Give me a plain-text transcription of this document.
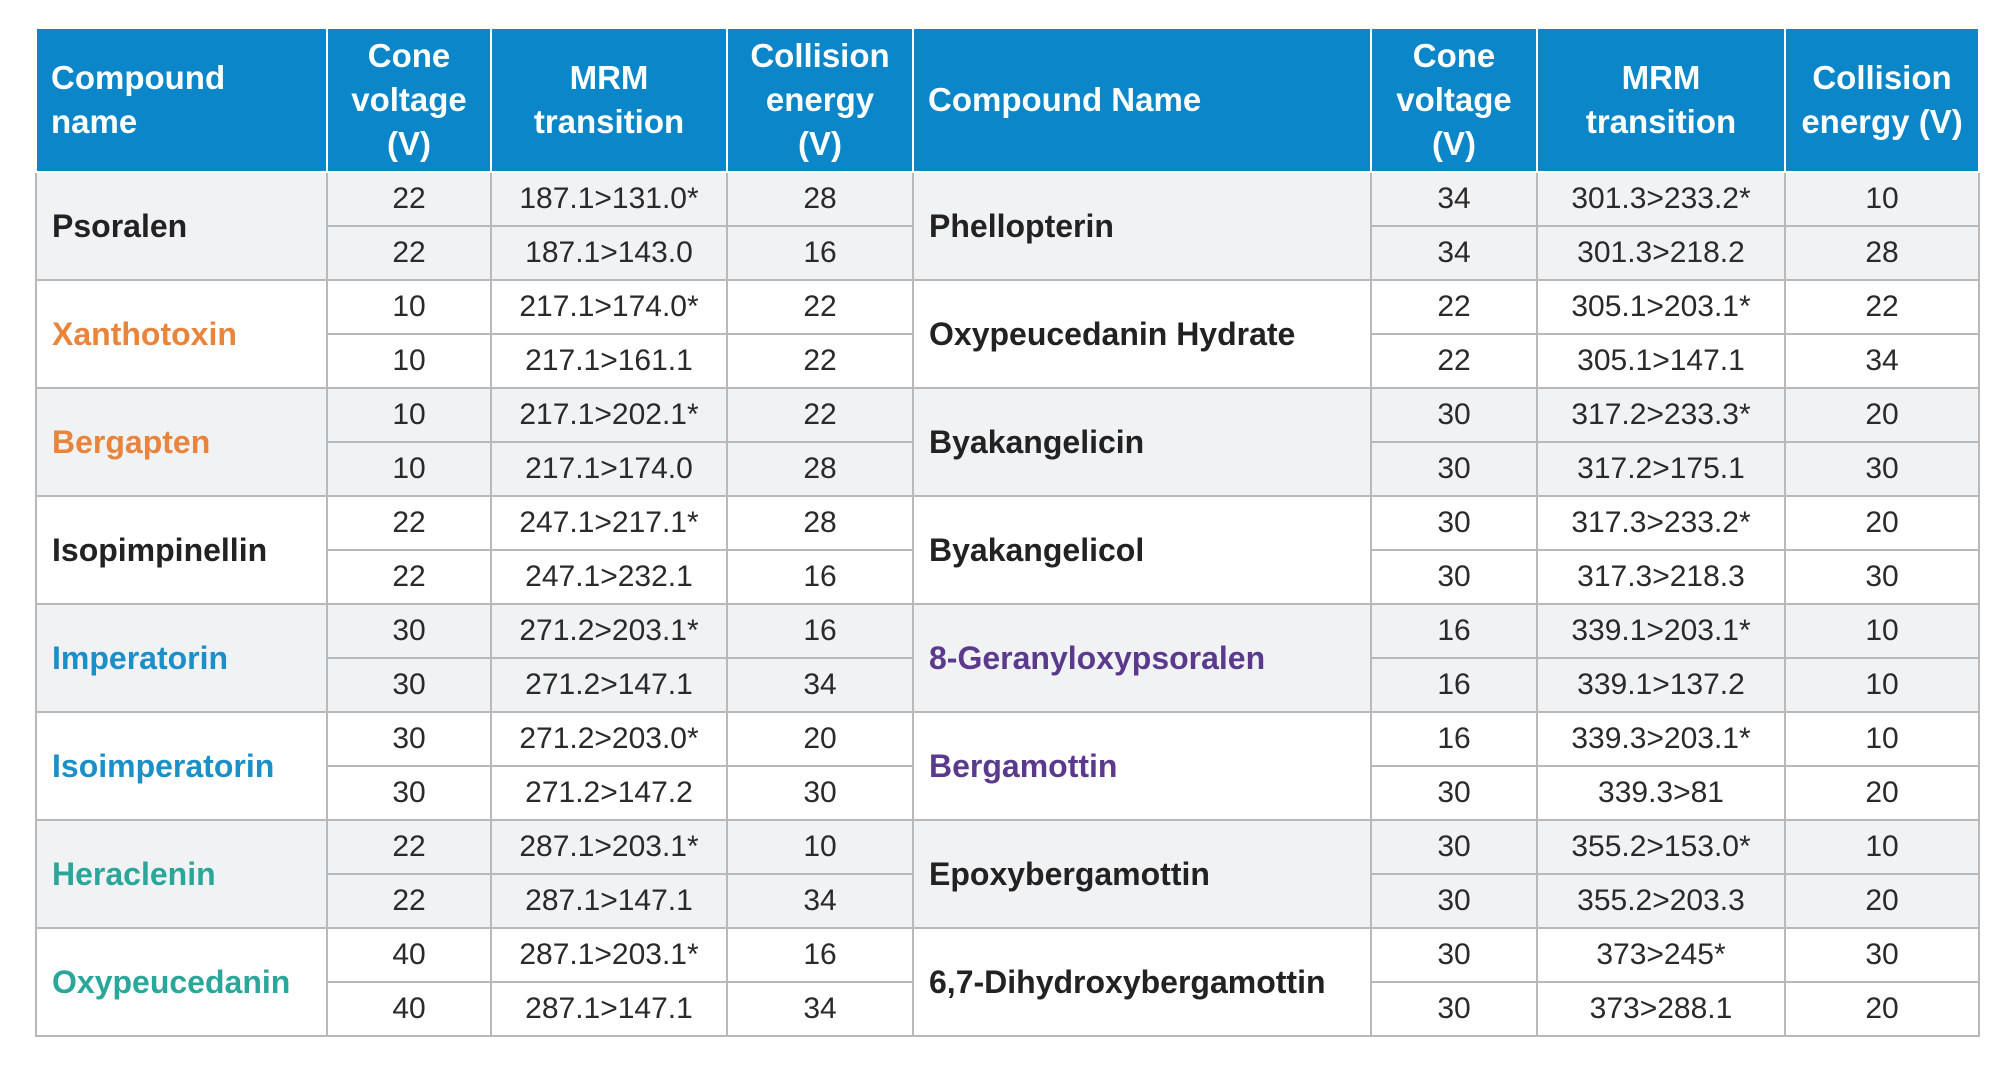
Compound name	Cone voltage (V)	MRM transition	Collision energy (V)	Compound Name	Cone voltage (V)	MRM transition	Collision energy (V)
Psoralen	22	187.1>131.0*	28	Phellopterin	34	301.3>233.2*	10
	22	187.1>143.0	16		34	301.3>218.2	28
Xanthotoxin	10	217.1>174.0*	22	Oxypeucedanin Hydrate	22	305.1>203.1*	22
	10	217.1>161.1	22		22	305.1>147.1	34
Bergapten	10	217.1>202.1*	22	Byakangelicin	30	317.2>233.3*	20
	10	217.1>174.0	28		30	317.2>175.1	30
Isopimpinellin	22	247.1>217.1*	28	Byakangelicol	30	317.3>233.2*	20
	22	247.1>232.1	16		30	317.3>218.3	30
Imperatorin	30	271.2>203.1*	16	8-Geranyloxypsoralen	16	339.1>203.1*	10
	30	271.2>147.1	34		16	339.1>137.2	10
Isoimperatorin	30	271.2>203.0*	20	Bergamottin	16	339.3>203.1*	10
	30	271.2>147.2	30		30	339.3>81	20
Heraclenin	22	287.1>203.1*	10	Epoxybergamottin	30	355.2>153.0*	10
	22	287.1>147.1	34		30	355.2>203.3	20
Oxypeucedanin	40	287.1>203.1*	16	6,7-Dihydroxybergamottin	30	373>245*	30
	40	287.1>147.1	34		30	373>288.1	20
